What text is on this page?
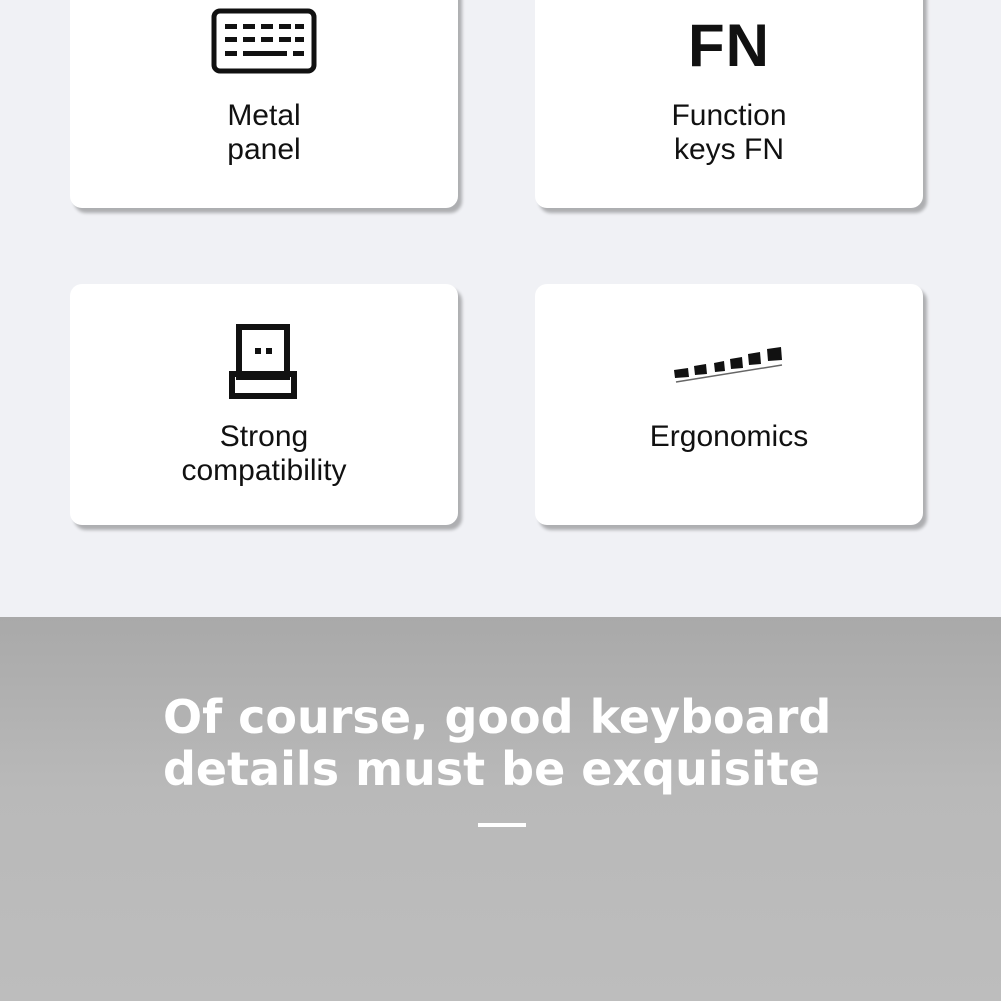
Metal
panel
FN
Function
keys FN
Strong
compatibility
Ergonomics
Of course, good keyboard
details must be exquisite
